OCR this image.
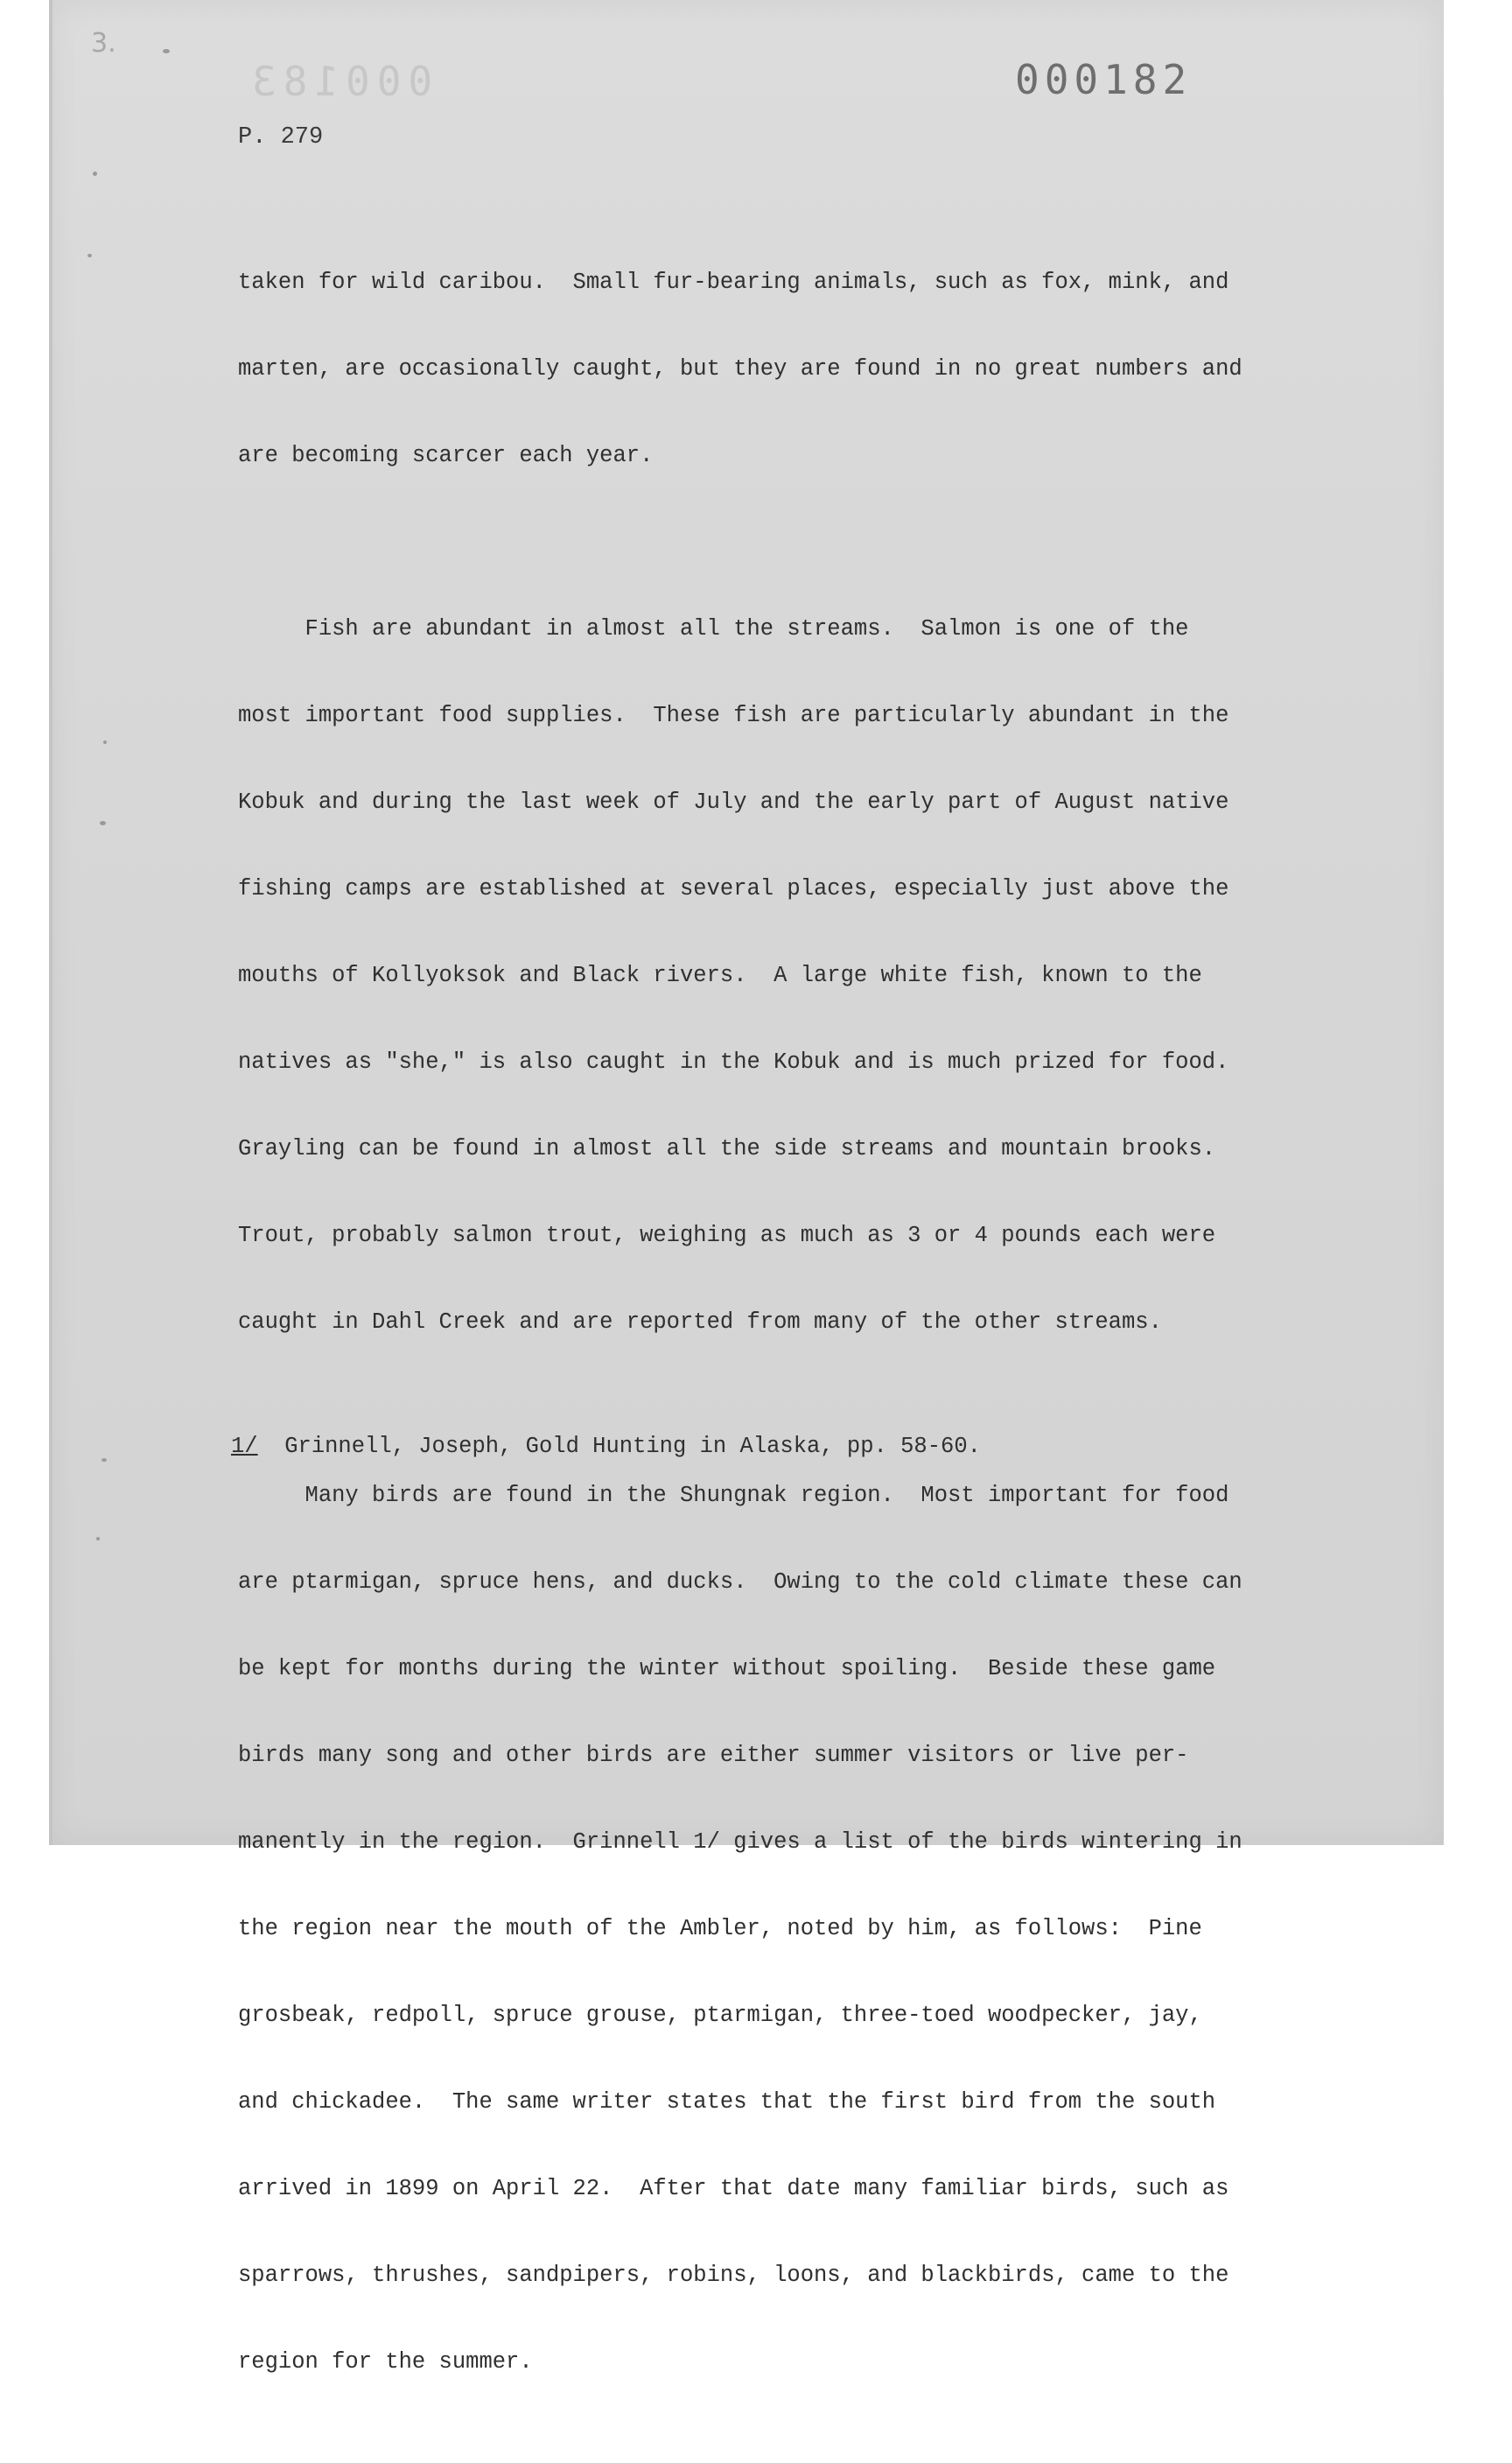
3.
000183	000182
P. 279

taken for wild caribou.  Small fur-bearing animals, such as fox, mink, and

marten, are occasionally caught, but they are found in no great numbers and

are becoming scarcer each year.

Fish are abundant in almost all the streams.  Salmon is one of the

most important food supplies.  These fish are particularly abundant in the

Kobuk and during the last week of July and the early part of August native

fishing camps are established at several places, especially just above the

mouths of Kollyoksok and Black rivers.  A large white fish, known to the

natives as "she," is also caught in the Kobuk and is much prized for food.

Grayling can be found in almost all the side streams and mountain brooks.

Trout, probably salmon trout, weighing as much as 3 or 4 pounds each were

caught in Dahl Creek and are reported from many of the other streams.

Many birds are found in the Shungnak region.  Most important for food

are ptarmigan, spruce hens, and ducks.  Owing to the cold climate these can

be kept for months during the winter without spoiling.  Beside these game

birds many song and other birds are either summer visitors or live per-

manently in the region.  Grinnell 1/ gives a list of the birds wintering in

the region near the mouth of the Ambler, noted by him, as follows:  Pine

grosbeak, redpoll, spruce grouse, ptarmigan, three-toed woodpecker, jay,

and chickadee.  The same writer states that the first bird from the south

arrived in 1899 on April 22.  After that date many familiar birds, such as

sparrows, thrushes, sandpipers, robins, loons, and blackbirds, came to the

region for the summer.

1/  Grinnell, Joseph, Gold Hunting in Alaska, pp. 58-60.
